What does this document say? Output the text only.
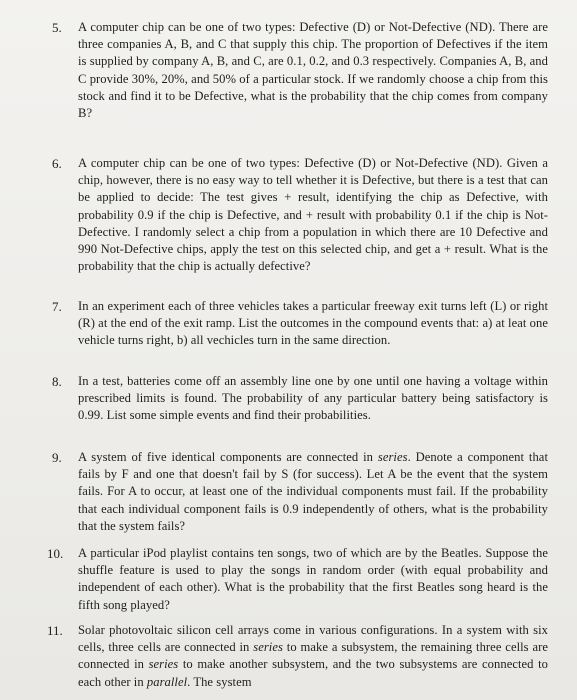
5.	A computer chip can be one of two types: Defective (D) or Not-Defective (ND). There are three companies A, B, and C that supply this chip. The proportion of Defectives if the item is supplied by company A, B, and C, are 0.1, 0.2, and 0.3 respectively. Companies A, B, and C provide 30%, 20%, and 50% of a particular stock. If we randomly choose a chip from this stock and find it to be Defective, what is the probability that the chip comes from company B?

6.	A computer chip can be one of two types: Defective (D) or Not-Defective (ND). Given a chip, however, there is no easy way to tell whether it is Defective, but there is a test that can be applied to decide: The test gives + result, identifying the chip as Defective, with probability 0.9 if the chip is Defective, and + result with probability 0.1 if the chip is Not-Defective. I randomly select a chip from a population in which there are 10 Defective and 990 Not-Defective chips, apply the test on this selected chip, and get a + result. What is the probability that the chip is actually defective?

7.	In an experiment each of three vehicles takes a particular freeway exit turns left (L) or right (R) at the end of the exit ramp. List the outcomes in the compound events that: a) at leat one vehicle turns right, b) all vechicles turn in the same direction.

8.	In a test, batteries come off an assembly line one by one until one having a voltage within prescribed limits is found. The probability of any particular battery being satisfactory is 0.99. List some simple events and find their probabilities.

9.	A system of five identical components are connected in series. Denote a component that fails by F and one that doesn't fail by S (for success). Let A be the event that the system fails. For A to occur, at least one of the individual components must fail. If the probability that each individual component fails is 0.9 independently of others, what is the probability that the system fails?

10.	A particular iPod playlist contains ten songs, two of which are by the Beatles. Suppose the shuffle feature is used to play the songs in random order (with equal probability and independent of each other). What is the probability that the first Beatles song heard is the fifth song played?

11.	Solar photovoltaic silicon cell arrays come in various configurations. In a system with six cells, three cells are connected in series to make a subsystem, the remaining three cells are connected in series to make another subsystem, and the two subsystems are connected to each other in parallel. The system
